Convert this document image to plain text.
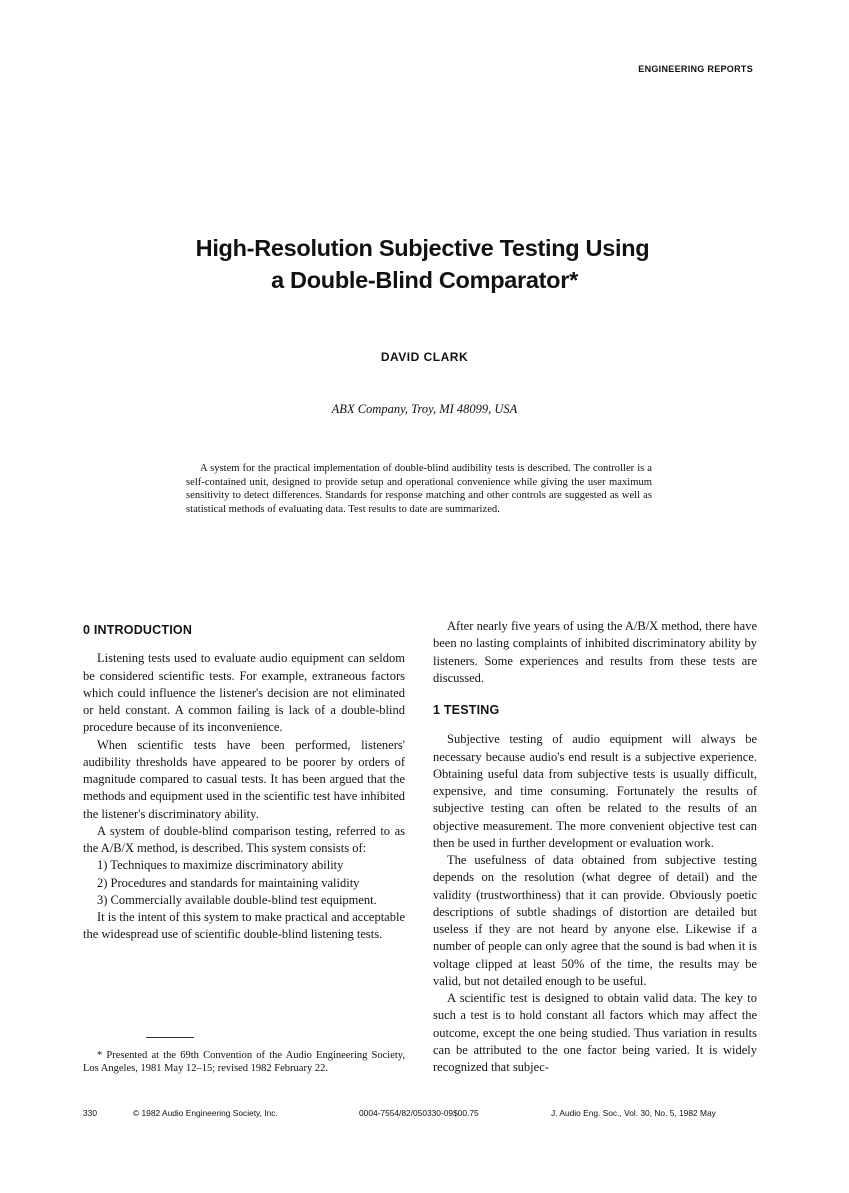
ENGINEERING REPORTS
High-Resolution Subjective Testing Using
a Double-Blind Comparator*
DAVID CLARK
ABX Company, Troy, MI 48099, USA

A system for the practical implementation of double-blind audibility tests is described. The controller is a self-contained unit, designed to provide setup and operational convenience while giving the user maximum sensitivity to detect differences. Standards for response matching and other controls are suggested as well as statistical methods of evaluating data. Test results to date are summarized.

0 INTRODUCTION

Listening tests used to evaluate audio equipment can seldom be considered scientific tests. For example, extraneous factors which could influence the listener's decision are not eliminated or held constant. A common failing is lack of a double-blind procedure because of its inconvenience.

When scientific tests have been performed, listeners' audibility thresholds have appeared to be poorer by orders of magnitude compared to casual tests. It has been argued that the methods and equipment used in the scientific test have inhibited the listener's discriminatory ability.

A system of double-blind comparison testing, referred to as the A/B/X method, is described. This system consists of:

1) Techniques to maximize discriminatory ability

2) Procedures and standards for maintaining validity

3) Commercially available double-blind test equipment.

It is the intent of this system to make practical and acceptable the widespread use of scientific double-blind listening tests.

After nearly five years of using the A/B/X method, there have been no lasting complaints of inhibited discriminatory ability by listeners. Some experiences and results from these tests are discussed.

1 TESTING

Subjective testing of audio equipment will always be necessary because audio's end result is a subjective experience. Obtaining useful data from subjective tests is usually difficult, expensive, and time consuming. Fortunately the results of subjective testing can often be related to the results of an objective measurement. The more convenient objective test can then be used in further development or evaluation work.

The usefulness of data obtained from subjective testing depends on the resolution (what degree of detail) and the validity (trustworthiness) that it can provide. Obviously poetic descriptions of subtle shadings of distortion are detailed but useless if they are not heard by anyone else. Likewise if a number of people can only agree that the sound is bad when it is voltage clipped at least 50% of the time, the results may be valid, but not detailed enough to be useful.

A scientific test is designed to obtain valid data. The key to such a test is to hold constant all factors which may affect the outcome, except the one being studied. Thus variation in results can be attributed to the one factor being varied. It is widely recognized that subjec-

* Presented at the 69th Convention of the Audio Engineering Society, Los Angeles, 1981 May 12–15; revised 1982 February 22.

330	© 1982 Audio Engineering Society, Inc.	0004-7554/82/050330-09$00.75	J. Audio Eng. Soc., Vol. 30, No. 5, 1982 May
